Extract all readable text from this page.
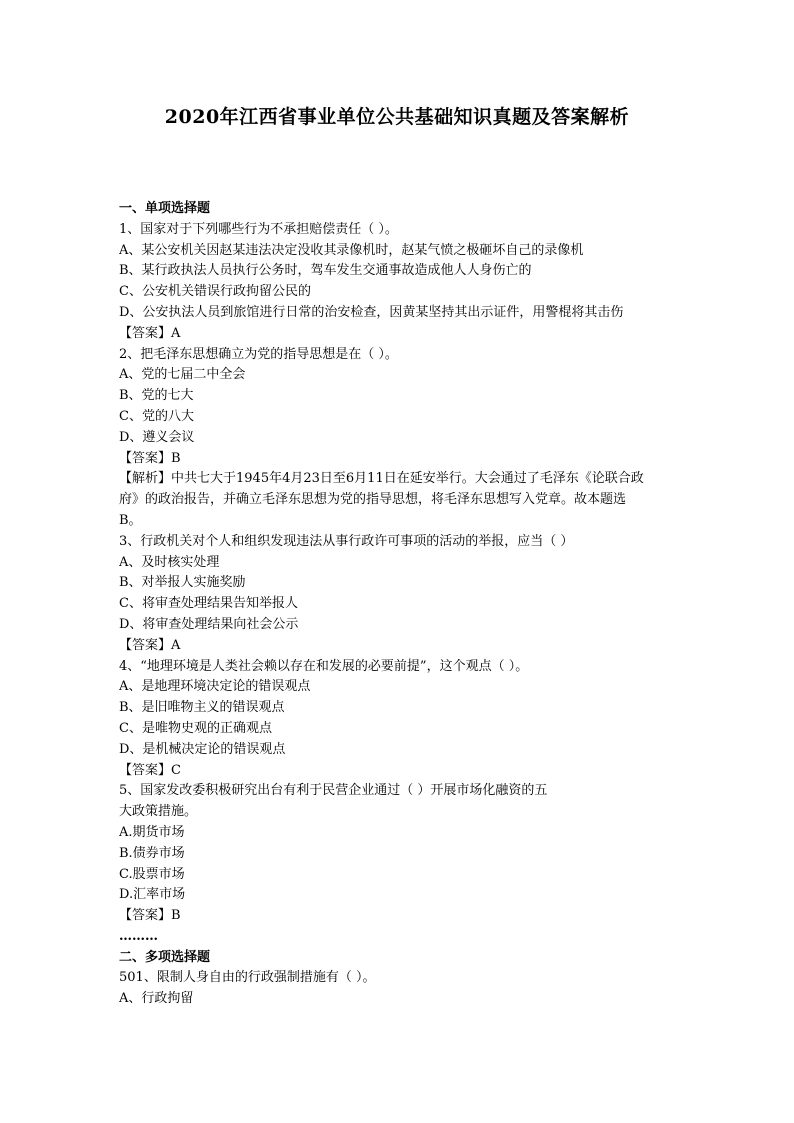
2020年江西省事业单位公共基础知识真题及答案解析
一、单项选择题
1、国家对于下列哪些行为不承担赔偿责任（ ）。
A、某公安机关因赵某违法决定没收其录像机时，赵某气愤之极砸坏自己的录像机
B、某行政执法人员执行公务时，驾车发生交通事故造成他人人身伤亡的
C、公安机关错误行政拘留公民的
D、公安执法人员到旅馆进行日常的治安检查，因黄某坚持其出示证件，用警棍将其击伤
【答案】A
2、把毛泽东思想确立为党的指导思想是在（ ）。
A、党的七届二中全会
B、党的七大
C、党的八大
D、遵义会议
【答案】B
【解析】中共七大于1945年4月23日至6月11日在延安举行。大会通过了毛泽东《论联合政
府》的政治报告，并确立毛泽东思想为党的指导思想，将毛泽东思想写入党章。故本题选
B。
3、行政机关对个人和组织发现违法从事行政许可事项的活动的举报，应当（ ）
A、及时核实处理
B、对举报人实施奖励
C、将审查处理结果告知举报人
D、将审查处理结果向社会公示
【答案】A
4、“地理环境是人类社会赖以存在和发展的必要前提”，这个观点（ ）。
A、是地理环境决定论的错误观点
B、是旧唯物主义的错误观点
C、是唯物史观的正确观点
D、是机械决定论的错误观点
【答案】C
5、国家发改委积极研究出台有利于民营企业通过（ ）开展市场化融资的五
大政策措施。
A.期货市场
B.债券市场
C.股票市场
D.汇率市场
【答案】B
………
二、多项选择题
501、限制人身自由的行政强制措施有（ ）。
A、行政拘留
